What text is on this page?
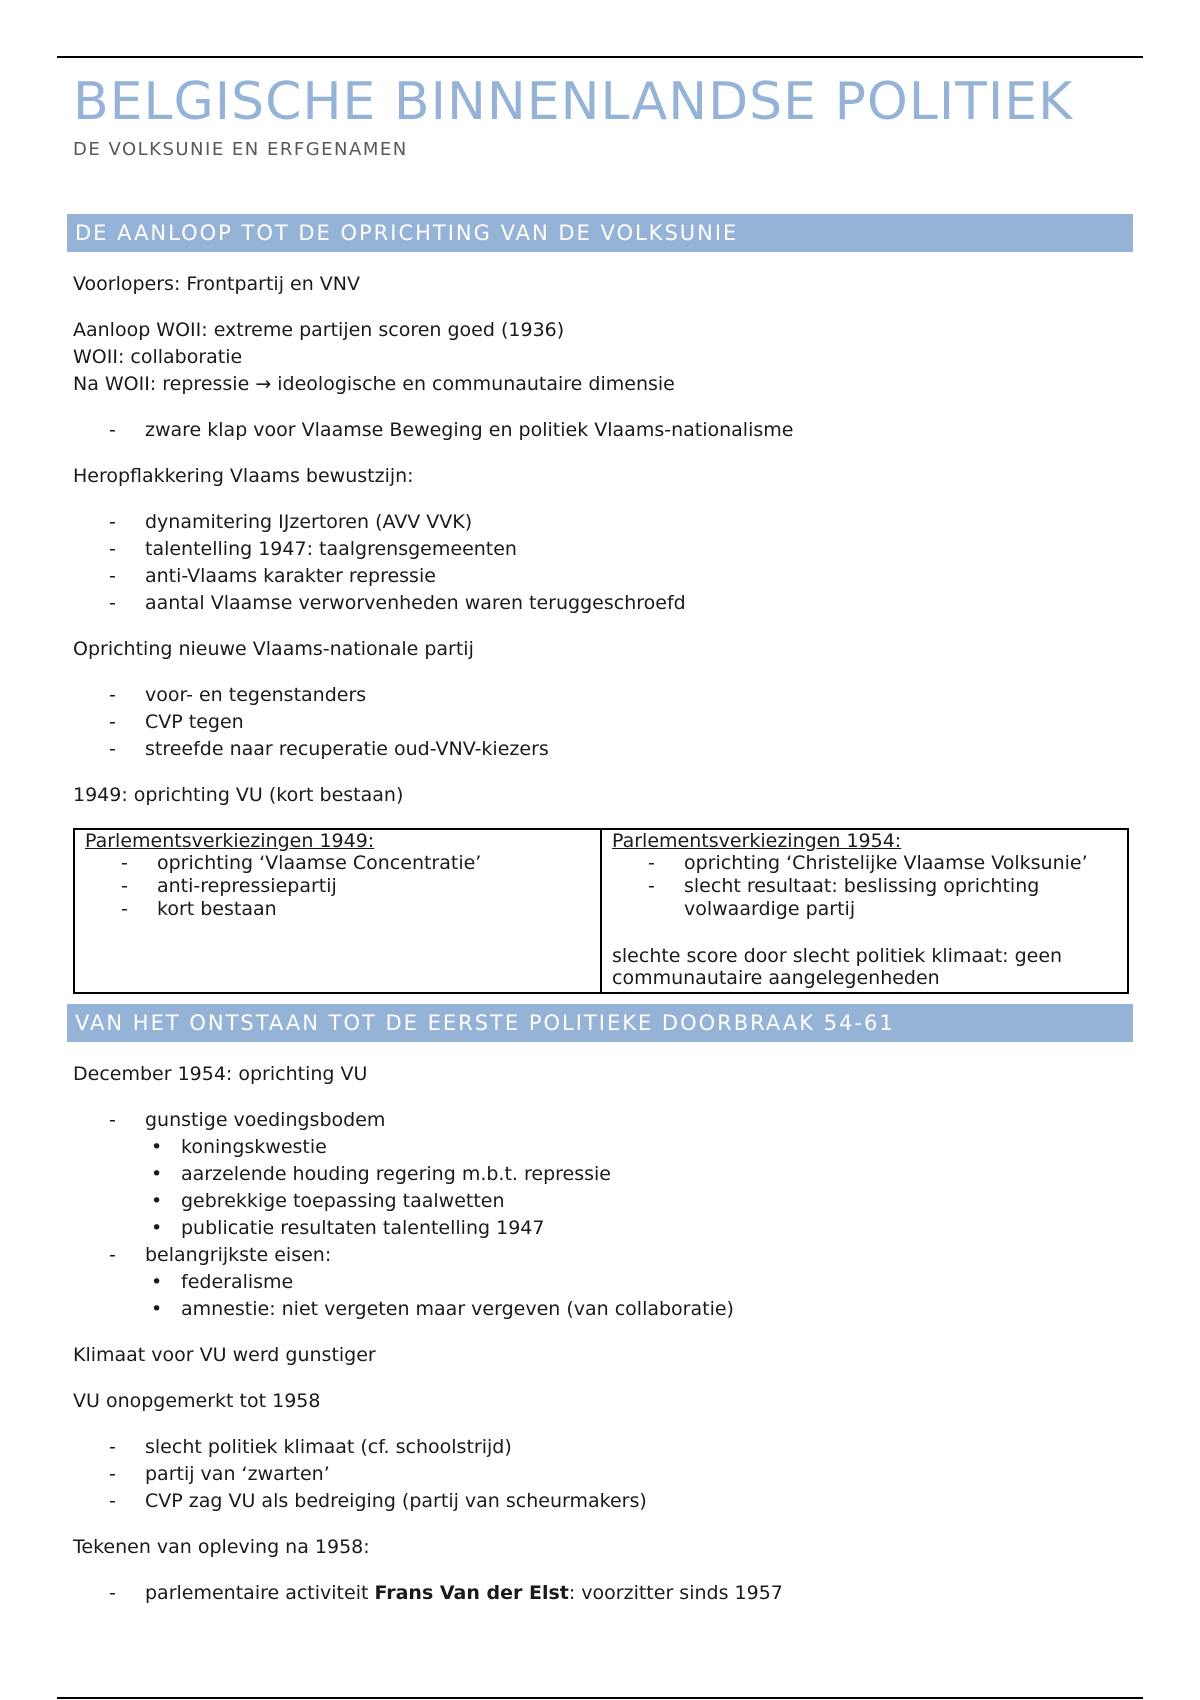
BELGISCHE BINNENLANDSE POLITIEK
DE VOLKSUNIE EN ERFGENAMEN
DE AANLOOP TOT DE OPRICHTING VAN DE VOLKSUNIE

Voorlopers: Frontpartij en VNV

Aanloop WOII: extreme partijen scoren goed (1936)

WOII: collaboratie

Na WOII: repressie → ideologische en communautaire dimensie

- zware klap voor Vlaamse Beweging en politiek Vlaams-nationalisme

Heropflakkering Vlaams bewustzijn:

- dynamitering IJzertoren (AVV VVK)
- talentelling 1947: taalgrensgemeenten
- anti-Vlaams karakter repressie
- aantal Vlaamse verworvenheden waren teruggeschroefd

Oprichting nieuwe Vlaams-nationale partij

- voor- en tegenstanders
- CVP tegen
- streefde naar recuperatie oud-VNV-kiezers

1949: oprichting VU (kort bestaan)

Parlementsverkiezingen 1949:
- oprichting ‘Vlaamse Concentratie’
- anti-repressiepartij
- kort bestaan

Parlementsverkiezingen 1954:
- oprichting ‘Christelijke Vlaamse Volksunie’
- slecht resultaat: beslissing oprichting volwaardige partij
slechte score door slecht politiek klimaat: geen communautaire aangelegenheden
VAN HET ONTSTAAN TOT DE EERSTE POLITIEKE DOORBRAAK 54-61

December 1954: oprichting VU

- gunstige voedingsbodem
• koningskwestie
• aarzelende houding regering m.b.t. repressie
• gebrekkige toepassing taalwetten
• publicatie resultaten talentelling 1947
- belangrijkste eisen:
• federalisme
• amnestie: niet vergeten maar vergeven (van collaboratie)

Klimaat voor VU werd gunstiger

VU onopgemerkt tot 1958

- slecht politiek klimaat (cf. schoolstrijd)
- partij van ‘zwarten’
- CVP zag VU als bedreiging (partij van scheurmakers)

Tekenen van opleving na 1958:

- parlementaire activiteit Frans Van der Elst: voorzitter sinds 1957
